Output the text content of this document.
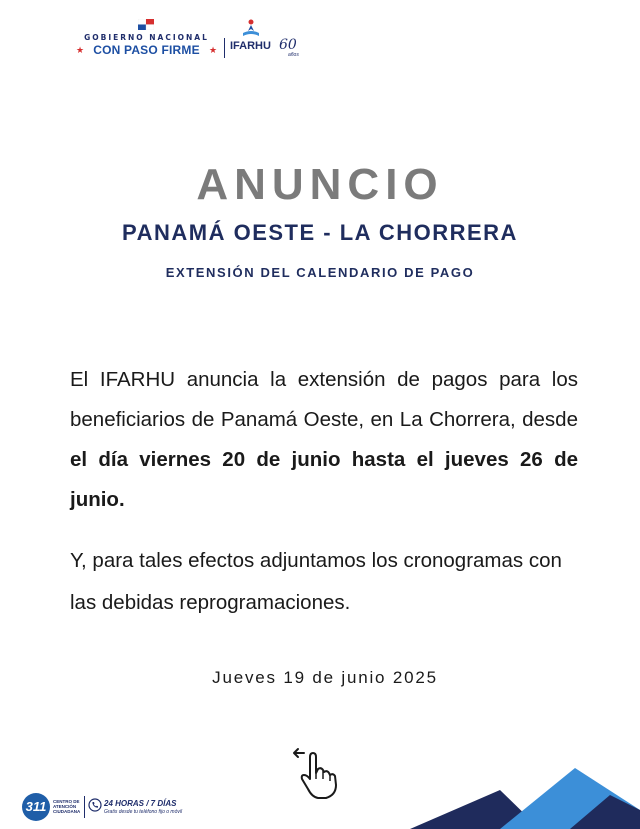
GOBIERNO NACIONAL
★ CON PASO FIRME	★ IFARHU 60
años
ANUNCIO
PANAMÁ OESTE - LA CHORRERA
EXTENSIÓN DEL CALENDARIO DE PAGO
El IFARHU anuncia la extensión de pagos para los beneficiarios de Panamá Oeste, en La Chorrera, desde el día viernes 20 de junio hasta el jueves 26 de junio.
Y, para tales efectos adjuntamos los cronogramas con las debidas reprogramaciones.
Jueves 19 de junio 2025
311	CENTRO DE
ATENCIÓN
CIUDADANA
24 HORAS / 7 DÍAS
Gratis desde tu teléfono fijo o móvil
